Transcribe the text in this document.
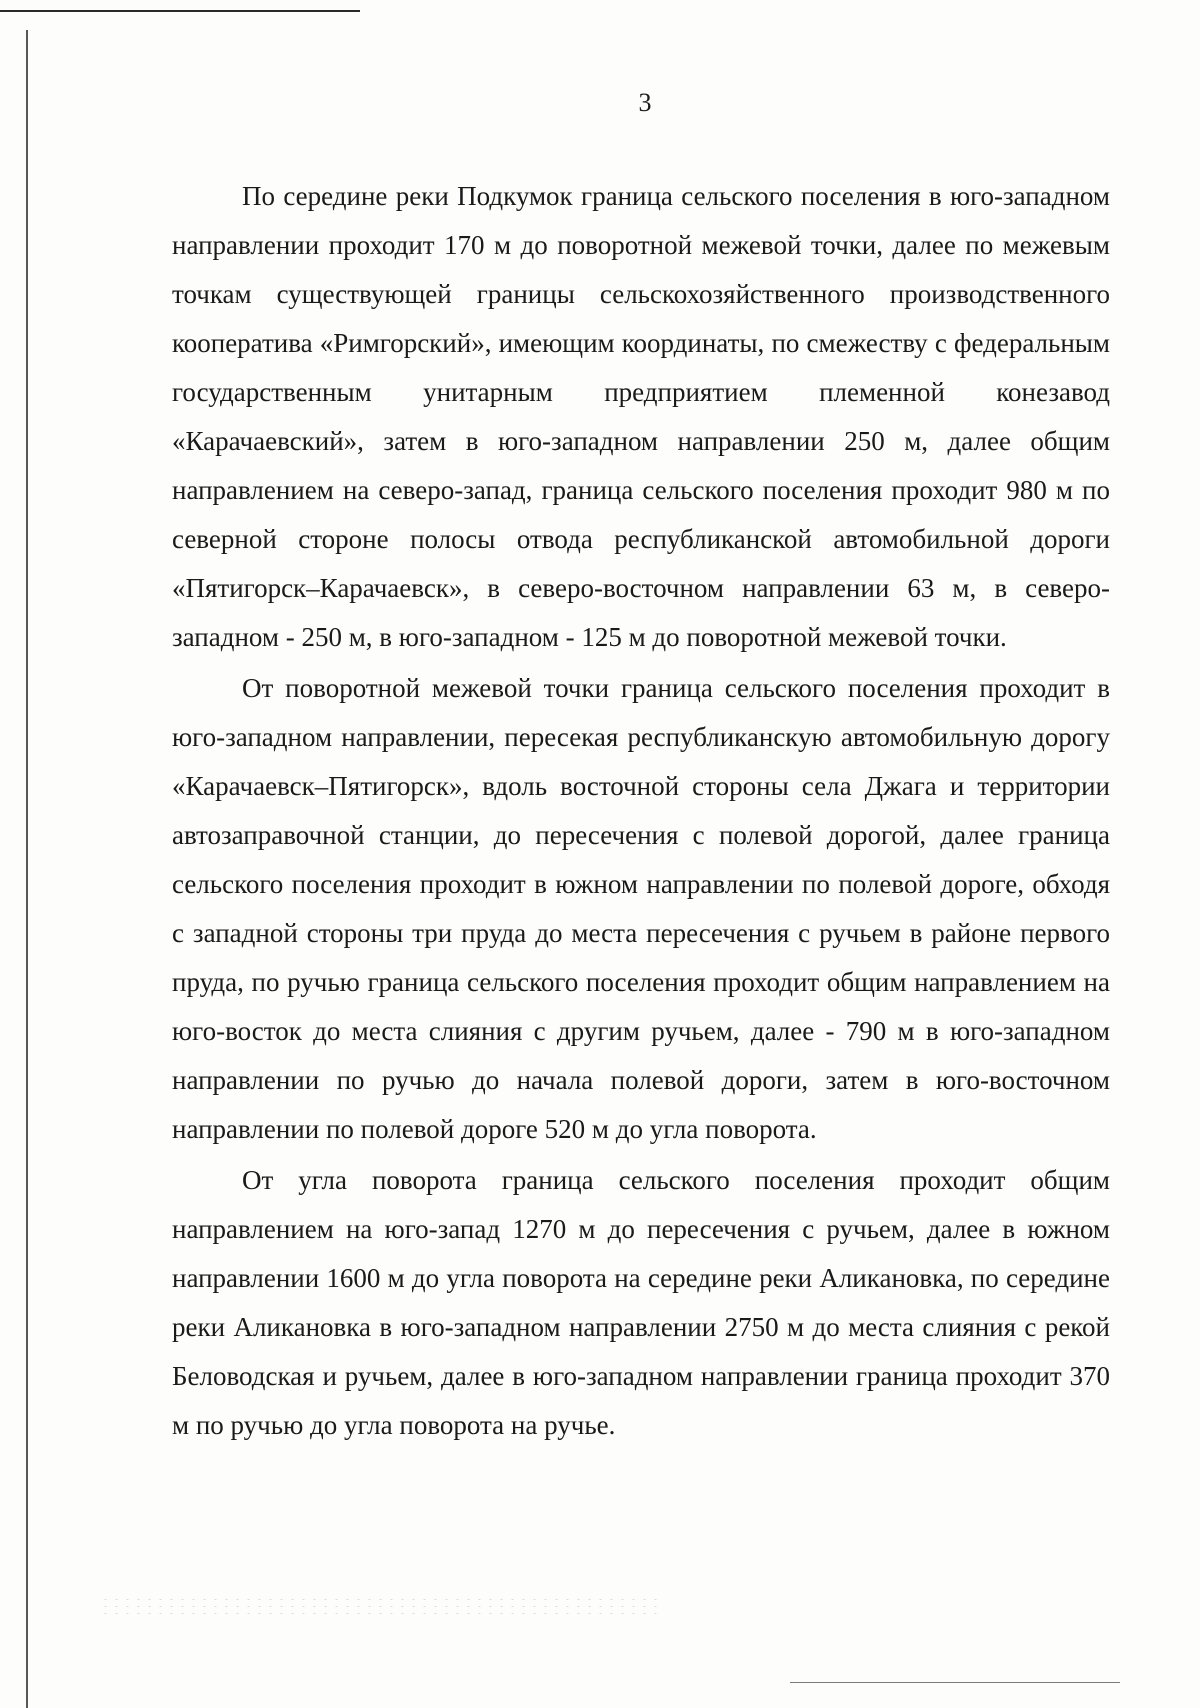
3

По середине реки Подкумок граница сельского поселения в юго-западном направлении проходит 170 м до поворотной межевой точки, далее по межевым точкам существующей границы сельскохозяйственного производственного кооператива «Римгорский», имеющим координаты, по смежеству с федеральным государственным унитарным предприятием племенной конезавод «Карачаевский», затем в юго-западном направлении 250 м, далее общим направлением на северо-запад, граница сельского поселения проходит 980 м по северной стороне полосы отвода республиканской автомобильной дороги «Пятигорск–Карачаевск», в северо-восточном направлении 63 м, в северо-западном - 250 м, в юго-западном - 125 м до поворотной межевой точки.

От поворотной межевой точки граница сельского поселения проходит в юго-западном направлении, пересекая республиканскую автомобильную дорогу «Карачаевск–Пятигорск», вдоль восточной стороны села Джага и территории автозаправочной станции, до пересечения с полевой дорогой, далее граница сельского поселения проходит в южном направлении по полевой дороге, обходя с западной стороны три пруда до места пересечения с ручьем в районе первого пруда, по ручью граница сельского поселения проходит общим направлением на юго-восток до места слияния с другим ручьем, далее - 790 м в юго-западном направлении по ручью до начала полевой дороги, затем в юго-восточном направлении по полевой дороге 520 м до угла поворота.

От угла поворота граница сельского поселения проходит общим направлением на юго-запад 1270 м до пересечения с ручьем, далее в южном направлении 1600 м до угла поворота на середине реки Аликановка, по середине реки Аликановка в юго-западном направлении 2750 м до места слияния с рекой Беловодская и ручьем, далее в юго-западном направлении граница проходит 370 м по ручью до угла поворота на ручье.
